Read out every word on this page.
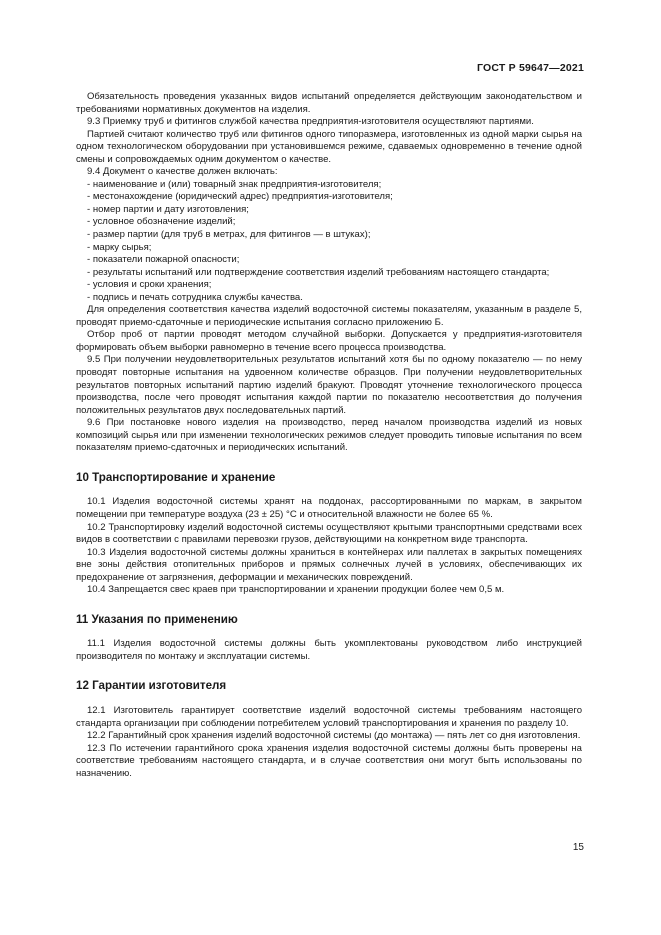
ГОСТ Р 59647—2021

Обязательность проведения указанных видов испытаний определяется действующим законодательством и требованиями нормативных документов на изделия.

9.3 Приемку труб и фитингов службой качества предприятия-изготовителя осуществляют партиями.

Партией считают количество труб или фитингов одного типоразмера, изготовленных из одной марки сырья на одном технологическом оборудовании при установившемся режиме, сдаваемых одновременно в течение одной смены и сопровождаемых одним документом о качестве.

9.4 Документ о качестве должен включать:

- наименование и (или) товарный знак предприятия-изготовителя;

- местонахождение (юридический адрес) предприятия-изготовителя;

- номер партии и дату изготовления;

- условное обозначение изделий;

- размер партии (для труб в метрах, для фитингов — в штуках);

- марку сырья;

- показатели пожарной опасности;

- результаты испытаний или подтверждение соответствия изделий требованиям настоящего стандарта;

- условия и сроки хранения;

- подпись и печать сотрудника службы качества.

Для определения соответствия качества изделий водосточной системы показателям, указанным в разделе 5, проводят приемо-сдаточные и периодические испытания согласно приложению Б.

Отбор проб от партии проводят методом случайной выборки. Допускается у предприятия-изготовителя формировать объем выборки равномерно в течение всего процесса производства.

9.5 При получении неудовлетворительных результатов испытаний хотя бы по одному показателю — по нему проводят повторные испытания на удвоенном количестве образцов. При получении неудовлетворительных результатов повторных испытаний партию изделий бракуют. Проводят уточнение технологического процесса производства, после чего проводят испытания каждой партии по показателю несоответствия до получения положительных результатов двух последовательных партий.

9.6 При постановке нового изделия на производство, перед началом производства изделий из новых композиций сырья или при изменении технологических режимов следует проводить типовые испытания по всем показателям приемо-сдаточных и периодических испытаний.

10 Транспортирование и хранение

10.1 Изделия водосточной системы хранят на поддонах, рассортированными по маркам, в закрытом помещении при температуре воздуха (23 ± 25) °C и относительной влажности не более 65 %.

10.2 Транспортировку изделий водосточной системы осуществляют крытыми транспортными средствами всех видов в соответствии с правилами перевозки грузов, действующими на конкретном виде транспорта.

10.3 Изделия водосточной системы должны храниться в контейнерах или паллетах в закрытых помещениях вне зоны действия отопительных приборов и прямых солнечных лучей в условиях, обеспечивающих их предохранение от загрязнения, деформации и механических повреждений.

10.4 Запрещается свес краев при транспортировании и хранении продукции более чем 0,5 м.

11 Указания по применению

11.1 Изделия водосточной системы должны быть укомплектованы руководством либо инструкцией производителя по монтажу и эксплуатации системы.

12 Гарантии изготовителя

12.1 Изготовитель гарантирует соответствие изделий водосточной системы требованиям настоящего стандарта организации при соблюдении потребителем условий транспортирования и хранения по разделу 10.

12.2 Гарантийный срок хранения изделий водосточной системы (до монтажа) — пять лет со дня изготовления.

12.3 По истечении гарантийного срока хранения изделия водосточной системы должны быть проверены на соответствие требованиям настоящего стандарта, и в случае соответствия они могут быть использованы по назначению.

15
